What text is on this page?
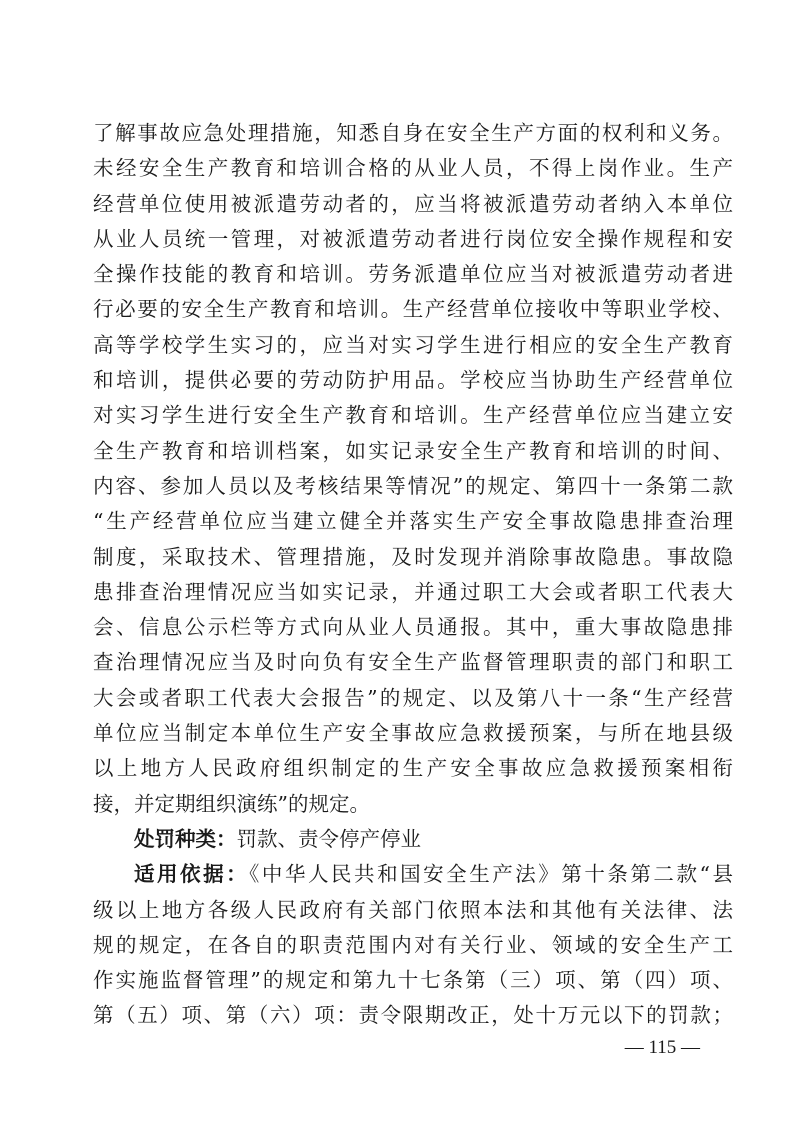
了解事故应急处理措施，知悉自身在安全生产方面的权利和义务。
未经安全生产教育和培训合格的从业人员，不得上岗作业。生产
经营单位使用被派遣劳动者的，应当将被派遣劳动者纳入本单位
从业人员统一管理，对被派遣劳动者进行岗位安全操作规程和安
全操作技能的教育和培训。劳务派遣单位应当对被派遣劳动者进
行必要的安全生产教育和培训。生产经营单位接收中等职业学校、
高等学校学生实习的，应当对实习学生进行相应的安全生产教育
和培训，提供必要的劳动防护用品。学校应当协助生产经营单位
对实习学生进行安全生产教育和培训。生产经营单位应当建立安
全生产教育和培训档案，如实记录安全生产教育和培训的时间、
内容、参加人员以及考核结果等情况”的规定、第四十一条第二款
“生产经营单位应当建立健全并落实生产安全事故隐患排查治理
制度，采取技术、管理措施，及时发现并消除事故隐患。事故隐
患排查治理情况应当如实记录，并通过职工大会或者职工代表大
会、信息公示栏等方式向从业人员通报。其中，重大事故隐患排
查治理情况应当及时向负有安全生产监督管理职责的部门和职工
大会或者职工代表大会报告”的规定、以及第八十一条“生产经营
单位应当制定本单位生产安全事故应急救援预案，与所在地县级
以上地方人民政府组织制定的生产安全事故应急救援预案相衔
接，并定期组织演练”的规定。
处罚种类：罚款、责令停产停业
适用依据：《中华人民共和国安全生产法》第十条第二款“县
级以上地方各级人民政府有关部门依照本法和其他有关法律、法
规的规定，在各自的职责范围内对有关行业、领域的安全生产工
作实施监督管理”的规定和第九十七条第（三）项、第（四）项、
第（五）项、第（六）项：责令限期改正，处十万元以下的罚款；
— 115 —
